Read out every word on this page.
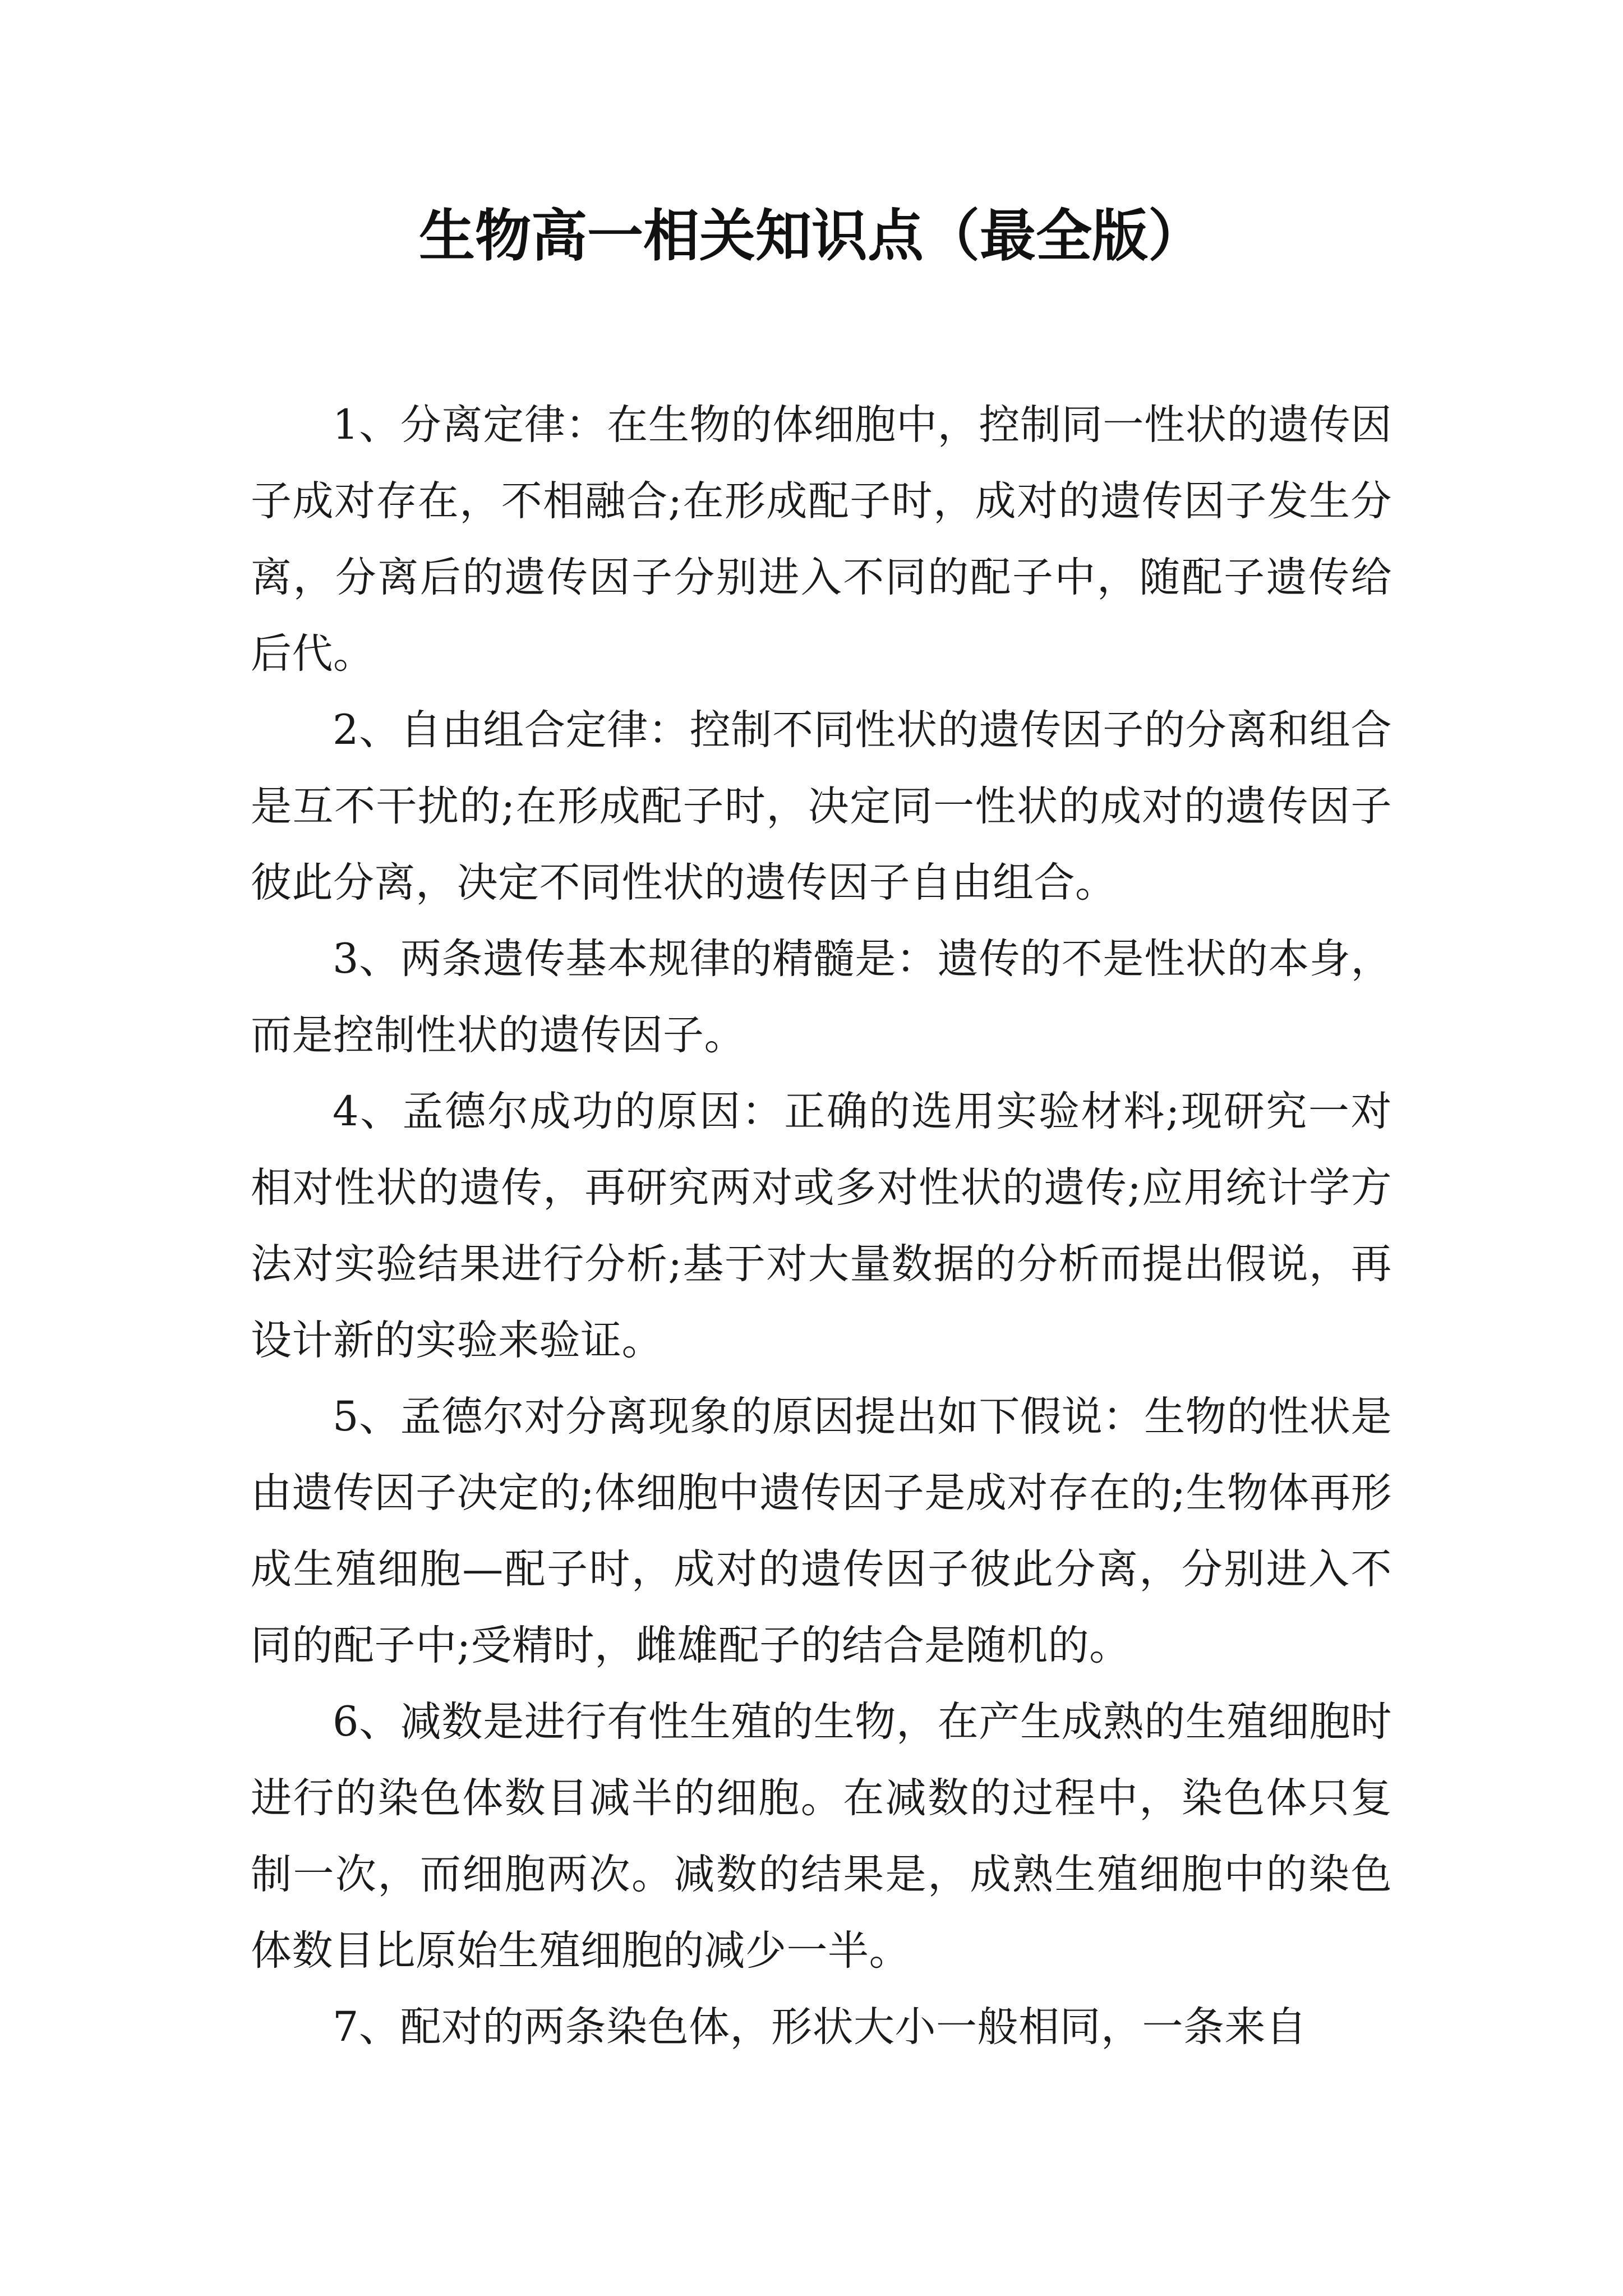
生物高一相关知识点（最全版）

1、分离定律：在生物的体细胞中，控制同一性状的遗传因子成对存在，不相融合;在形成配子时，成对的遗传因子发生分离，分离后的遗传因子分别进入不同的配子中，随配子遗传给后代。

2、自由组合定律：控制不同性状的遗传因子的分离和组合是互不干扰的;在形成配子时，决定同一性状的成对的遗传因子彼此分离，决定不同性状的遗传因子自由组合。

3、两条遗传基本规律的精髓是：遗传的不是性状的本身，而是控制性状的遗传因子。

4、孟德尔成功的原因：正确的选用实验材料;现研究一对相对性状的遗传，再研究两对或多对性状的遗传;应用统计学方法对实验结果进行分析;基于对大量数据的分析而提出假说，再设计新的实验来验证。

5、孟德尔对分离现象的原因提出如下假说：生物的性状是由遗传因子决定的;体细胞中遗传因子是成对存在的;生物体再形成生殖细胞—配子时，成对的遗传因子彼此分离，分别进入不同的配子中;受精时，雌雄配子的结合是随机的。

6、减数是进行有性生殖的生物，在产生成熟的生殖细胞时进行的染色体数目减半的细胞。在减数的过程中，染色体只复制一次，而细胞两次。减数的结果是，成熟生殖细胞中的染色体数目比原始生殖细胞的减少一半。

7、配对的两条染色体，形状大小一般相同，一条来自
